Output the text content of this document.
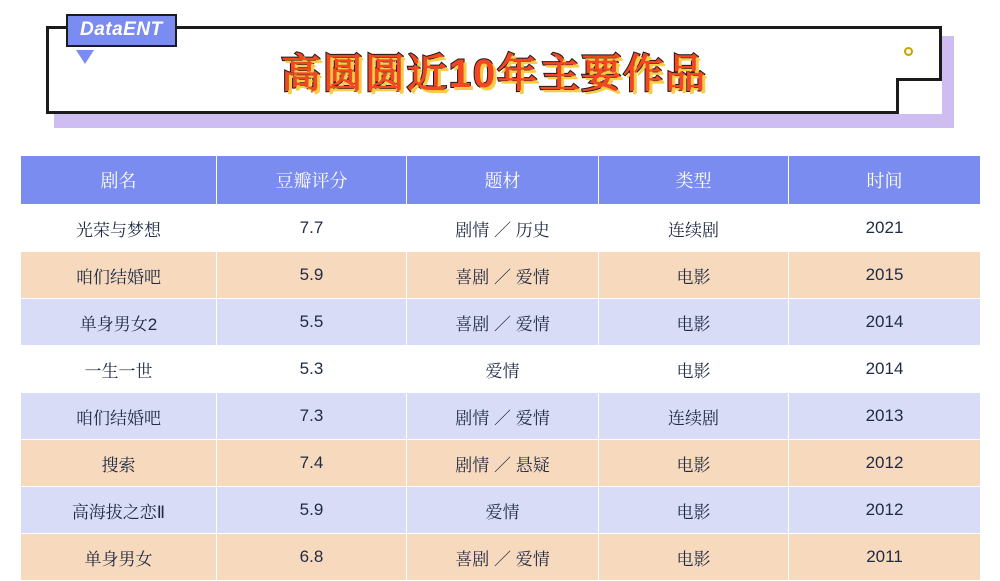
高圆圆近10年主要作品
DataENT
剧名	豆瓣评分	题材	类型	时间
光荣与梦想	7.7	剧情 ／ 历史	连续剧	2021
咱们结婚吧	5.9	喜剧 ／ 爱情	电影	2015
单身男女2	5.5	喜剧 ／ 爱情	电影	2014
一生一世	5.3	爱情	电影	2014
咱们结婚吧	7.3	剧情 ／ 爱情	连续剧	2013
搜索	7.4	剧情 ／ 悬疑	电影	2012
高海拔之恋Ⅱ	5.9	爱情	电影	2012
单身男女	6.8	喜剧 ／ 爱情	电影	2011
